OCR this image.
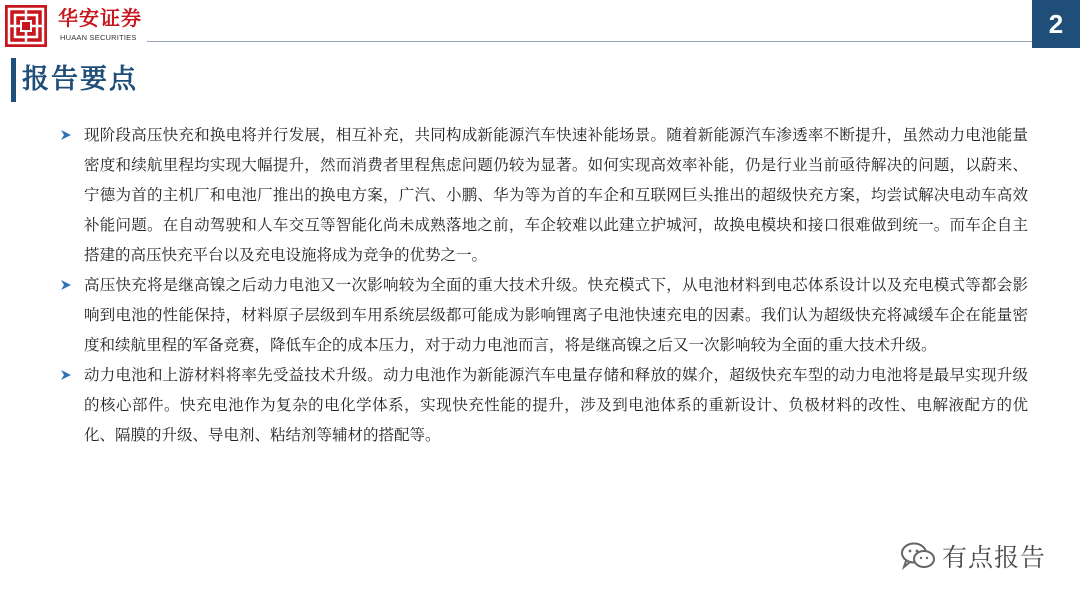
华安证券
HUAAN SECURITIES	2
报告要点

现阶段高压快充和换电将并行发展，相互补充，共同构成新能源汽车快速补能场景。随着新能源汽车渗透率不断提升，虽然动力电池能量密度和续航里程均实现大幅提升，然而消费者里程焦虑问题仍较为显著。如何实现高效率补能，仍是行业当前亟待解决的问题，以蔚来、宁德为首的主机厂和电池厂推出的换电方案，广汽、小鹏、华为等为首的车企和互联网巨头推出的超级快充方案，均尝试解决电动车高效补能问题。在自动驾驶和人车交互等智能化尚未成熟落地之前，车企较难以此建立护城河，故换电模块和接口很难做到统一。而车企自主搭建的高压快充平台以及充电设施将成为竞争的优势之一。

高压快充将是继高镍之后动力电池又一次影响较为全面的重大技术升级。快充模式下，从电池材料到电芯体系设计以及充电模式等都会影响到电池的性能保持，材料原子层级到车用系统层级都可能成为影响锂离子电池快速充电的因素。我们认为超级快充将减缓车企在能量密度和续航里程的军备竞赛，降低车企的成本压力，对于动力电池而言，将是继高镍之后又一次影响较为全面的重大技术升级。

动力电池和上游材料将率先受益技术升级。动力电池作为新能源汽车电量存储和释放的媒介，超级快充车型的动力电池将是最早实现升级的核心部件。快充电池作为复杂的电化学体系，实现快充性能的提升，涉及到电池体系的重新设计、负极材料的改性、电解液配方的优化、隔膜的升级、导电剂、粘结剂等辅材的搭配等。

有点报告
